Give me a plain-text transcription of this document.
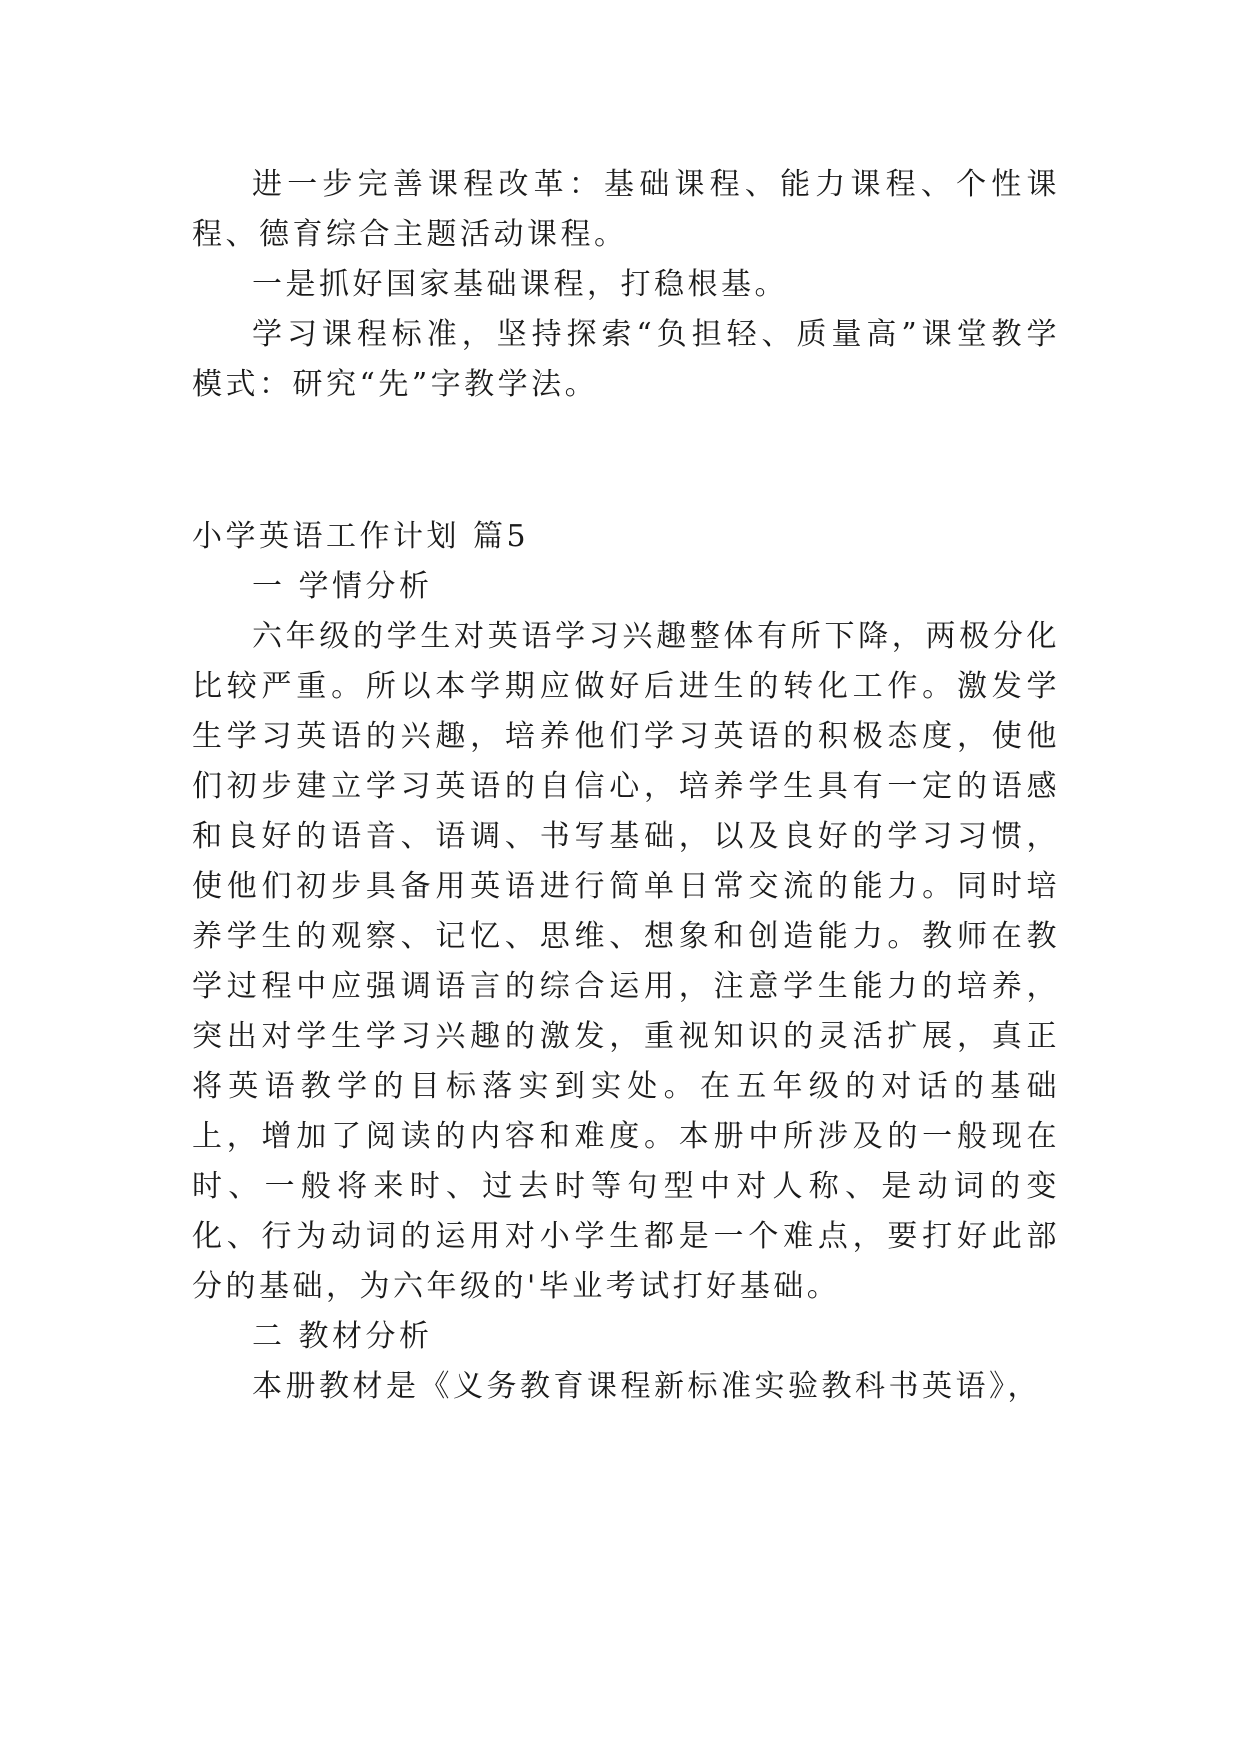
进一步完善课程改革：基础课程、能力课程、个性课程、德育综合主题活动课程。

一是抓好国家基础课程，打稳根基。

学习课程标准，坚持探索“负担轻、质量高”课堂教学模式：研究“先”字教学法。

小学英语工作计划 篇5

一 学情分析

六年级的学生对英语学习兴趣整体有所下降，两极分化比较严重。所以本学期应做好后进生的转化工作。激发学生学习英语的兴趣，培养他们学习英语的积极态度，使他们初步建立学习英语的自信心，培养学生具有一定的语感和良好的语音、语调、书写基础，以及良好的学习习惯，使他们初步具备用英语进行简单日常交流的能力。同时培养学生的观察、记忆、思维、想象和创造能力。教师在教学过程中应强调语言的综合运用，注意学生能力的培养，突出对学生学习兴趣的激发，重视知识的灵活扩展，真正将英语教学的目标落实到实处。在五年级的对话的基础上，增加了阅读的内容和难度。本册中所涉及的一般现在时、一般将来时、过去时等句型中对人称、是动词的变化、行为动词的运用对小学生都是一个难点，要打好此部分的基础，为六年级的'毕业考试打好基础。

二 教材分析

本册教材是《义务教育课程新标准实验教科书英语》，
